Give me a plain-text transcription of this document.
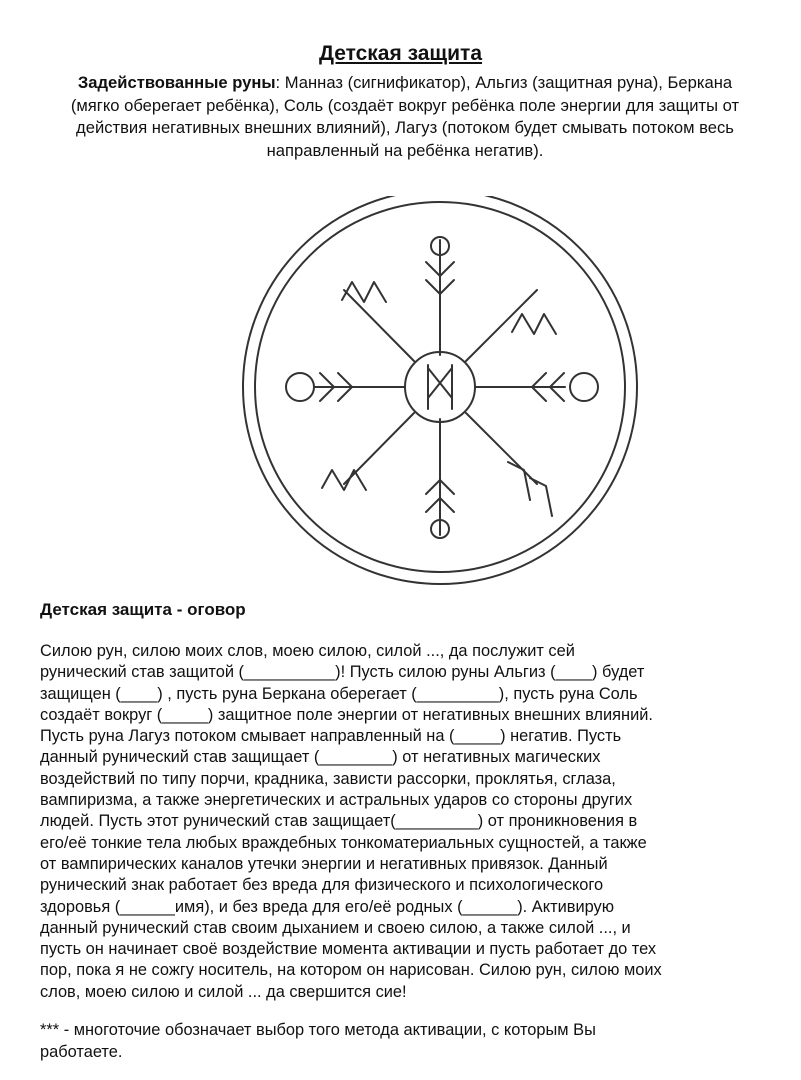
Детская защита

Задействованные руны: Манназ (сигнификатор), Альгиз (защитная руна), Беркана (мягко оберегает ребёнка), Соль (создаёт вокруг ребёнка поле энергии для защиты от действия негативных внешних влияний), Лагуз (потоком будет смывать потоком весь направленный на ребёнка негатив).

Детская защита - оговор

Силою рун, силою моих слов, моею силою, силой ..., да послужит сей
рунический став защитой (__________)! Пусть силою руны Альгиз (____) будет
защищен (____) , пусть руна Беркана оберегает (_________), пусть руна Соль
создаёт вокруг (_____) защитное поле энергии от негативных внешних влияний.
Пусть руна Лагуз потоком смывает направленный на (_____) негатив. Пусть
данный рунический став защищает (________) от негативных магических
воздействий по типу порчи, крадника, зависти рассорки, проклятья, сглаза,
вампиризма, а также энергетических и астральных ударов со стороны других
людей. Пусть этот рунический став защищает(_________) от проникновения в
его/её тонкие тела любых враждебных тонкоматериальных сущностей, а также
от вампирических каналов утечки энергии и негативных привязок. Данный
рунический знак работает без вреда для физического и психологического
здоровья (______имя), и без вреда для его/её родных (______). Активирую
данный рунический став своим дыханием и своею силою, а также силой ..., и
пусть он начинает своё воздействие момента активации и пусть работает до тех
пор, пока я не сожгу носитель, на котором он нарисован. Силою рун, силою моих
слов, моею силою и силой ... да свершится сие!

*** - многоточие обозначает выбор того метода активации, с которым Вы
работаете.
